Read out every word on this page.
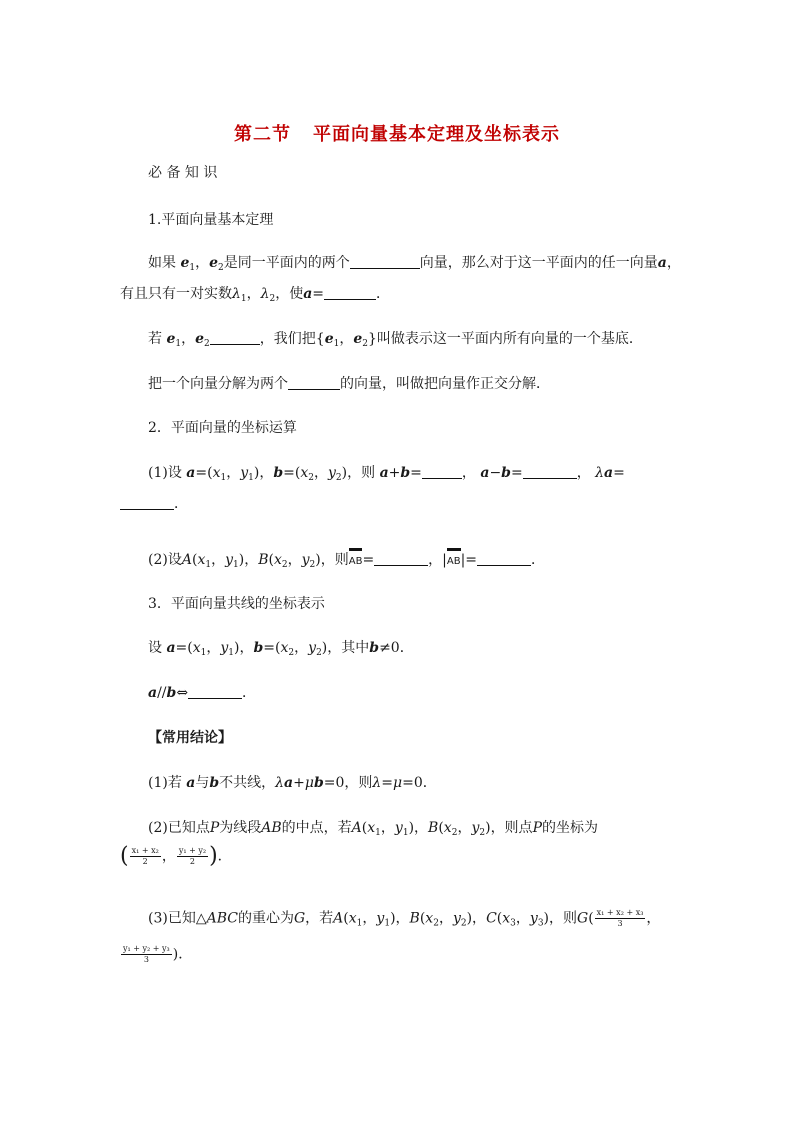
第二节 平面向量基本定理及坐标表示
必 备 知 识
1.平面向量基本定理
如果 $e_1$，$e_2$是同一平面内的两个	向量，那么对于这一平面内的任一向量a，
有且只有一对实数$\lambda_1$，$\lambda_2$，使a=	．
若 $e_1$，$e_2$	，我们把{$e_1$，$e_2$}叫做表示这一平面内所有向量的一个基底．
把一个向量分解为两个	的向量，叫做把向量作正交分解．
2．平面向量的坐标运算
(1)设 $a=(x_1$，$y_1$)，$b=(x_2$，$y_2$)，则 a+b=	， a−b=	， λa=
．
(2)设$A(x_1$，$y_1$)，$B(x_2$，$y_2$)，则AB=	，|AB|=	．
3．平面向量共线的坐标表示
设 $a=(x_1$，$y_1$)，$b=(x_2$，$y_2$)，其中b≠0．
a//b⇔	．
【常用结论】
(1)若 a与b不共线，λa+μb=0，则λ=μ=0．
(2)已知点P为线段AB的中点，若$A(x_1$，$y_1$)，$B(x_2$，$y_2$)，则点P的坐标为
( $\frac{\text{x₁ + x₂}}{2}$ ， $\frac{\text{y₁ + y₂}}{2}$ )．
(3)已知△ABC的重心为G，若$A(x_1$，$y_1$)，$B(x_2$，$y_2$)，$C(x_3$，$y_3$)，则$G( \frac{\text{x₁ + x₂ + x₃}}{3}$ ，
$\frac{\text{y₁ + y₂ + y₃}}{3}$ )．
